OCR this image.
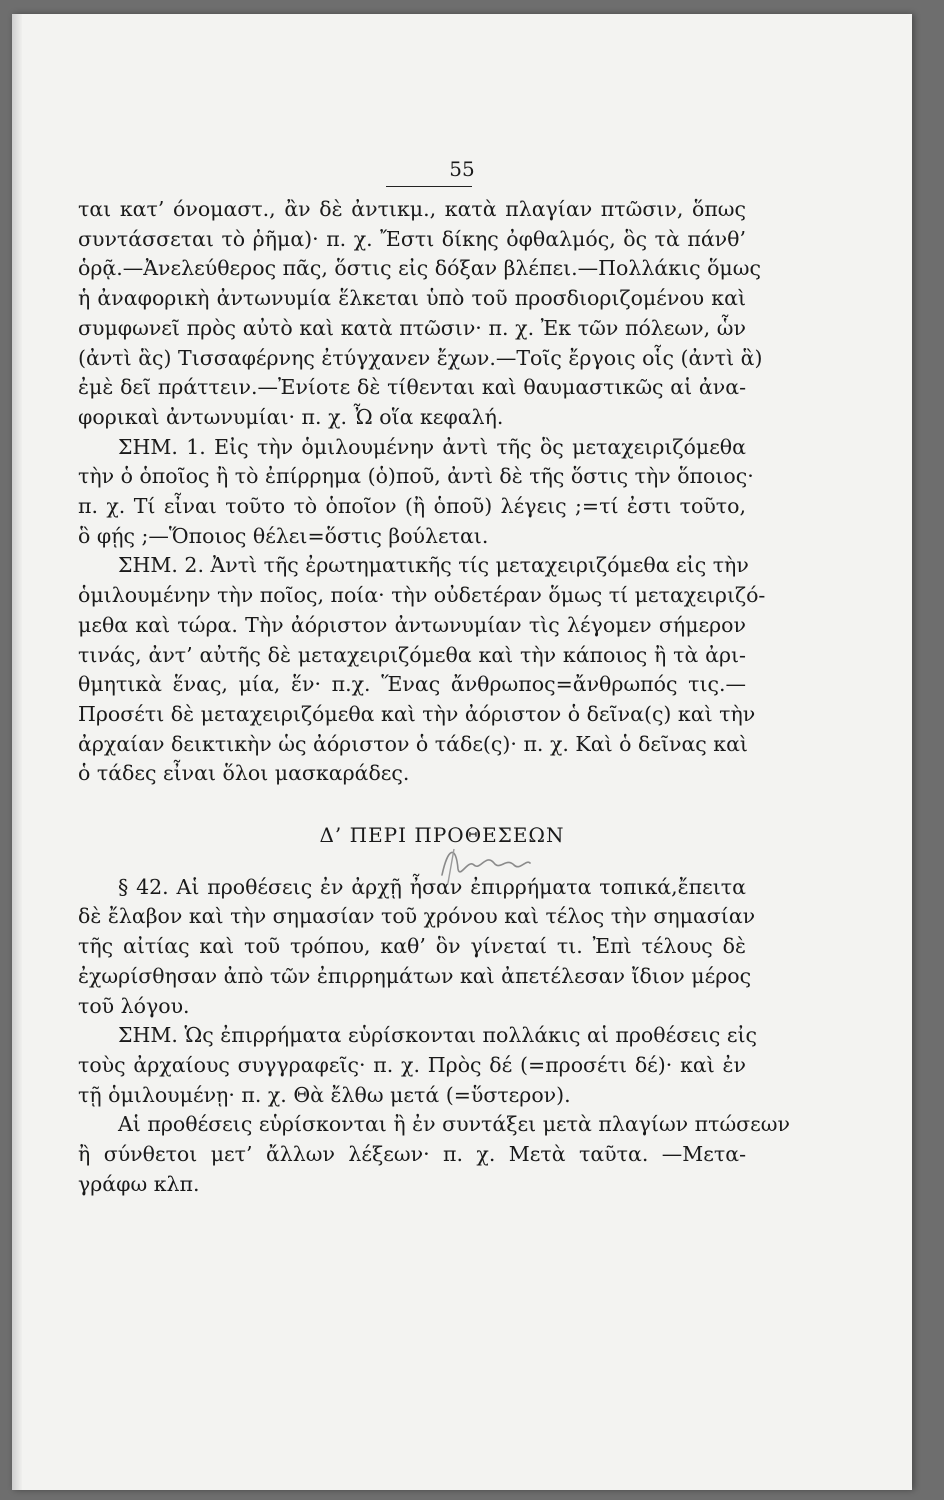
55
ται κατ’ όνομαστ., ἂν δὲ ἀντικμ., κατὰ πλαγίαν πτῶσιν, ὅπως
συντάσσεται τὸ ῥῆμα)· π. χ. Ἔστι δίκης ὀφθαλμός, ὃς τὰ πάνθ’
ὁρᾷ.—Ἀνελεύθερος πᾶς, ὅστις εἰς δόξαν βλέπει.—Πολλάκις ὅμως
ἡ ἀναφορικὴ ἀντωνυμία ἕλκεται ὑπὸ τοῦ προσδιοριζομένου καὶ
συμφωνεῖ πρὸς αὐτὸ καὶ κατὰ πτῶσιν· π. χ. Ἐκ τῶν πόλεων, ὧν
(ἀντὶ ἃς) Τισσαφέρνης ἐτύγχανεν ἔχων.—Τοῖς ἔργοις οἷς (ἀντὶ ἃ)
ἐμὲ δεῖ πράττειν.—Ἐνίοτε δὲ τίθενται καὶ θαυμαστικῶς αἱ ἀνα-
φορικαὶ ἀντωνυμίαι· π. χ. Ὦ οἵα κεφαλή.
ΣΗΜ. 1. Εἰς τὴν ὁμιλουμένην ἀντὶ τῆς ὃς μεταχειριζόμεθα
τὴν ὁ ὁποῖος ἢ τὸ ἐπίρρημα (ὁ)ποῦ, ἀντὶ δὲ τῆς ὅστις τὴν ὅποιος·
π. χ. Τί εἶναι τοῦτο τὸ ὁποῖον (ἢ ὁποῦ) λέγεις ;=τί ἐστι τοῦτο,
ὃ φῄς ;—Ὅποιος θέλει=ὅστις βούλεται.
ΣΗΜ. 2. Ἀντὶ τῆς ἐρωτηματικῆς τίς μεταχειριζόμεθα εἰς τὴν
ὁμιλουμένην τὴν ποῖος, ποία· τὴν οὐδετέραν ὅμως τί μεταχειριζό-
μεθα καὶ τώρα. Τὴν ἀόριστον ἀντωνυμίαν τὶς λέγομεν σήμερον
τινάς, ἀντ’ αὐτῆς δὲ μεταχειριζόμεθα καὶ τὴν κάποιος ἢ τὰ ἀρι-
θμητικὰ ἕνας, μία, ἕν· π.χ. Ἕνας ἄνθρωπος=ἄνθρωπός τις.—
Προσέτι δὲ μεταχειριζόμεθα καὶ τὴν ἀόριστον ὁ δεῖνα(ς) καὶ τὴν
ἀρχαίαν δεικτικὴν ὡς ἀόριστον ὁ τάδε(ς)· π. χ. Καὶ ὁ δεῖνας καὶ
ὁ τάδες εἶναι ὅλοι μασκαράδες.
Δ’ ΠΕΡΙ ΠΡΟΘΕΣΕΩΝ
§ 42. Αἱ προθέσεις ἐν ἀρχῇ ἦσαν ἐπιρρήματα τοπικά,ἔπειτα
δὲ ἔλαβον καὶ τὴν σημασίαν τοῦ χρόνου καὶ τέλος τὴν σημασίαν
τῆς αἰτίας καὶ τοῦ τρόπου, καθ’ ὃν γίνεταί τι. Ἐπὶ τέλους δὲ
ἐχωρίσθησαν ἀπὸ τῶν ἐπιρρημάτων καὶ ἀπετέλεσαν ἴδιον μέρος
τοῦ λόγου.
ΣΗΜ. Ὡς ἐπιρρήματα εὑρίσκονται πολλάκις αἱ προθέσεις εἰς
τοὺς ἀρχαίους συγγραφεῖς· π. χ. Πρὸς δέ (=προσέτι δέ)· καὶ ἐν
τῇ ὁμιλουμένῃ· π. χ. Θὰ ἔλθω μετά (=ὕστερον).
Αἱ προθέσεις εὑρίσκονται ἢ ἐν συντάξει μετὰ πλαγίων πτώσεων
ἢ σύνθετοι μετ’ ἄλλων λέξεων· π. χ. Μετὰ ταῦτα. —Μετα-
γράφω κλπ.
